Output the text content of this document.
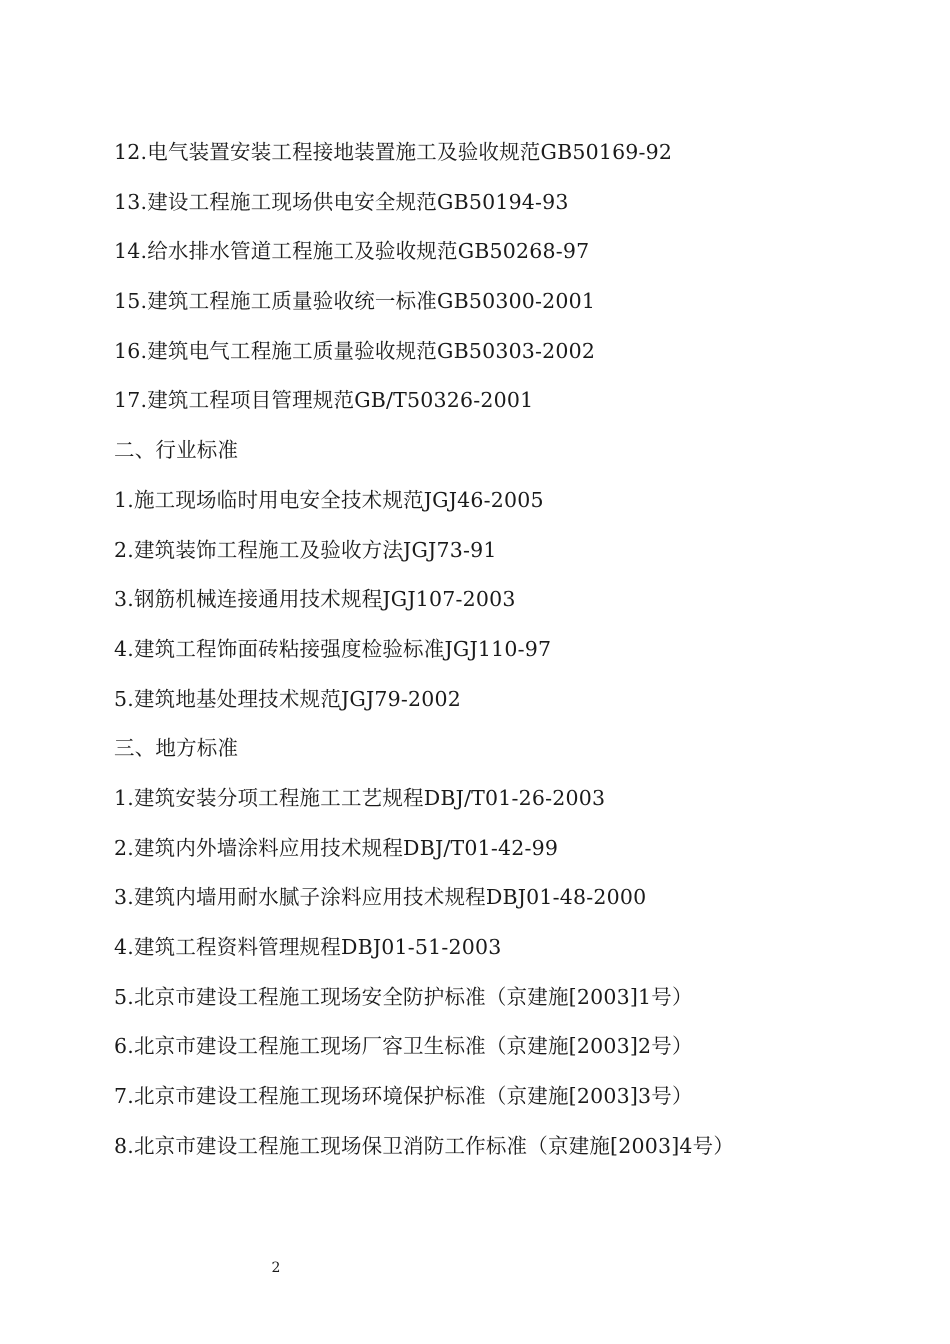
12.电气装置安装工程接地装置施工及验收规范GB50169-92
13.建设工程施工现场供电安全规范GB50194-93
14.给水排水管道工程施工及验收规范GB50268-97
15.建筑工程施工质量验收统一标准GB50300-2001
16.建筑电气工程施工质量验收规范GB50303-2002
17.建筑工程项目管理规范GB/T50326-2001
二、行业标准
1.施工现场临时用电安全技术规范JGJ46-2005
2.建筑装饰工程施工及验收方法JGJ73-91
3.钢筋机械连接通用技术规程JGJ107-2003
4.建筑工程饰面砖粘接强度检验标准JGJ110-97
5.建筑地基处理技术规范JGJ79-2002
三、地方标准
1.建筑安装分项工程施工工艺规程DBJ/T01-26-2003
2.建筑内外墙涂料应用技术规程DBJ/T01-42-99
3.建筑内墙用耐水腻子涂料应用技术规程DBJ01-48-2000
4.建筑工程资料管理规程DBJ01-51-2003
5.北京市建设工程施工现场安全防护标准（京建施[2003]1号）
6.北京市建设工程施工现场厂容卫生标准（京建施[2003]2号）
7.北京市建设工程施工现场环境保护标准（京建施[2003]3号）
8.北京市建设工程施工现场保卫消防工作标准（京建施[2003]4号）
2
